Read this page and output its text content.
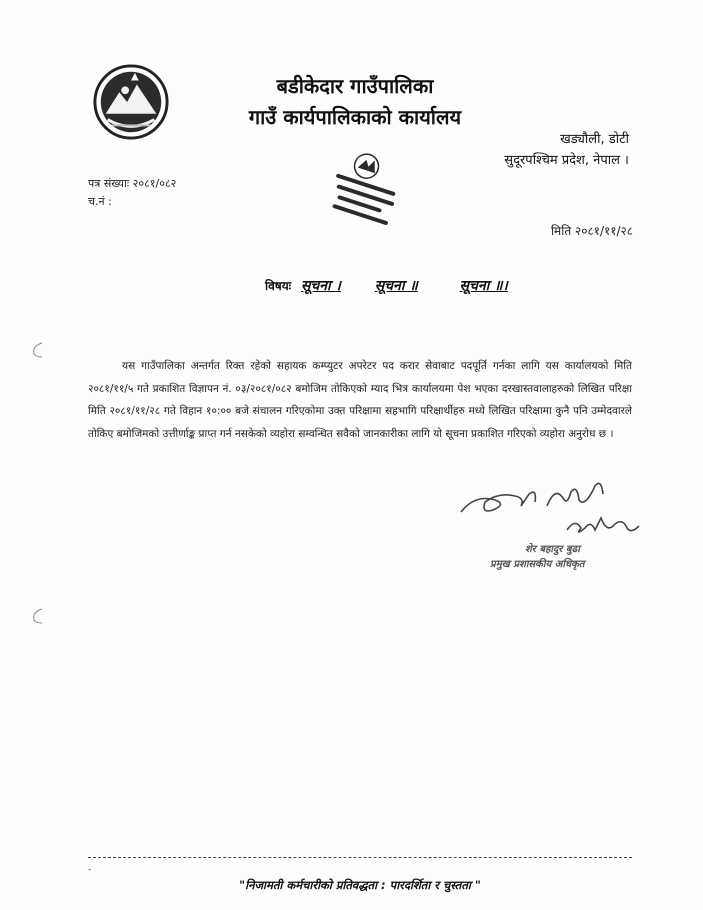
बडीकेदार गाउँपालिका
गाउँ कार्यपालिकाको कार्यालय
खड्यौली, डोटी
सुदूरपश्चिम प्रदेश, नेपाल ।
पत्र संख्याः २०८१/०८२
च.नं :
मिति २०८१/११/२८
विषयः सूचना । सूचना ॥	सूचना ॥।
यस गाउँपालिका अन्तर्गत रिक्त रहेको सहायक कम्प्युटर अपरेटर पद करार सेवाबाट पदपूर्ति गर्नका लागि यस कार्यालयको मिति २०८१/११/५ गते प्रकाशित विज्ञापन नं. ०३/२०८१/०८२ बमोजिम तोकिएको म्याद भित्र कार्यालयमा पेश भएका दरखास्तवालाहरुको लिखित परिक्षा मिति २०८१/११/२८ गते विहान १०:०० बजे संचालन गरिएकोमा उक्त परिक्षामा सहभागि परिक्षार्थीहरु मध्ये लिखित परिक्षामा कुनै पनि उम्मेदवारले तोकिए बमोजिमको उत्तीर्णाङ्क प्राप्त गर्न नसकेको व्यहोरा सम्वन्धित सवैको जानकारीका लागि यो सूचना प्रकाशित गरिएको व्यहोरा अनुरोध छ ।
शेर बहादुर बुढा
प्रमुख प्रशासकीय अधिकृत
-
"निजामती कर्मचारीको प्रतिवद्धता : पारदर्शिता र चुस्तता "
